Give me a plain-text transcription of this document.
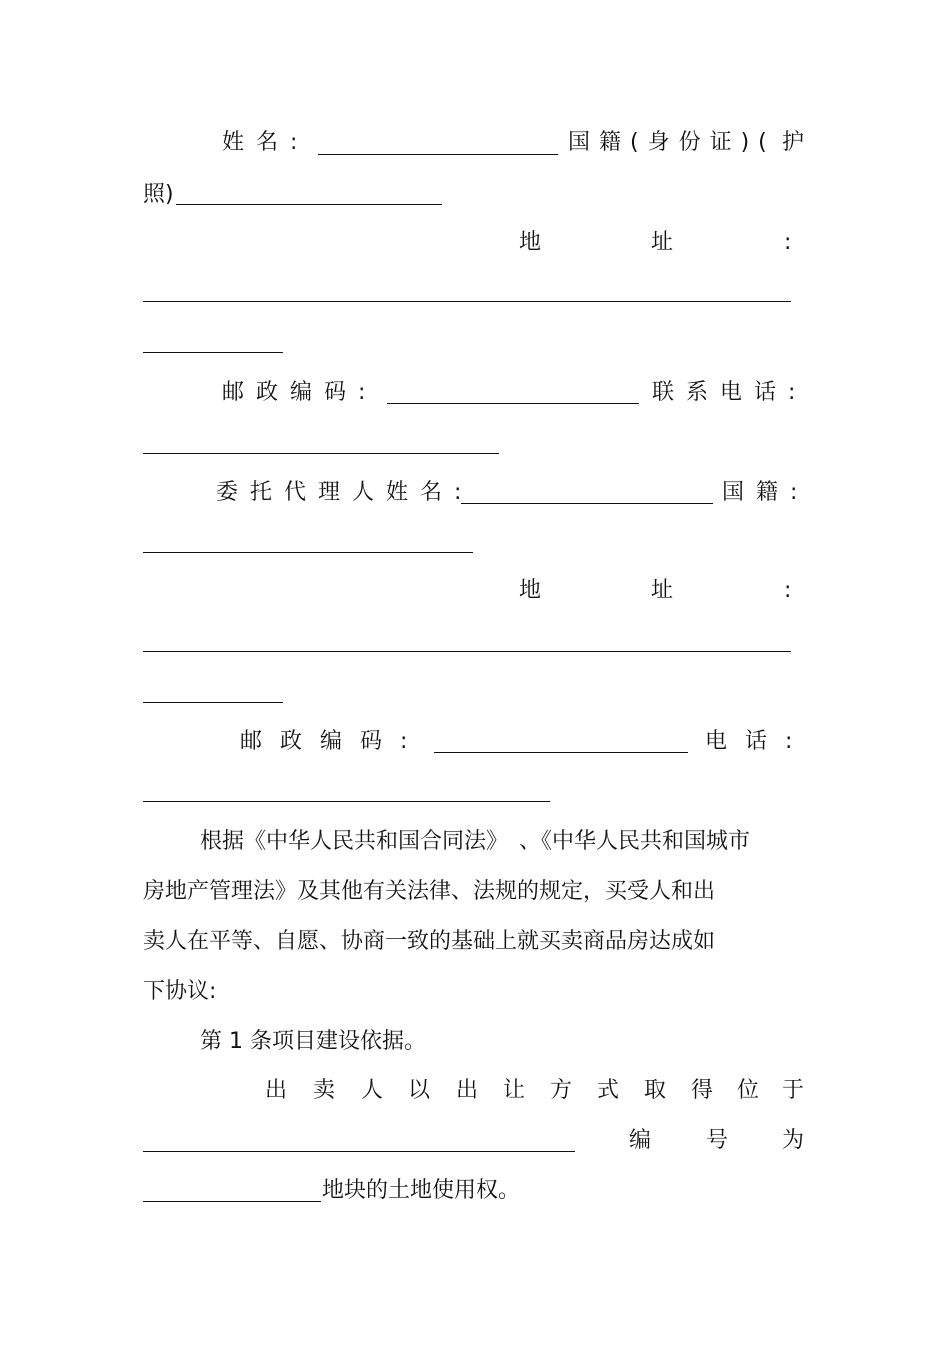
姓名:	国籍(身份证)( 护
照)
地	址	:
邮政编码:	联系电话:
委托代理人姓名:	国籍:
地	址	:
邮政编码:	电话:
根据《中华人民共和国合同法》　、《中华人民共和国城市
房地产管理法》及其他有关法律、法规的规定，买受人和出
卖人在平等、自愿、协商一致的基础上就买卖商品房达成如
下协议:
第 1 条项目建设依据。
出 卖 人 以 出 让 方 式 取 得 位 于
编 号 为
地块的土地使用权。
